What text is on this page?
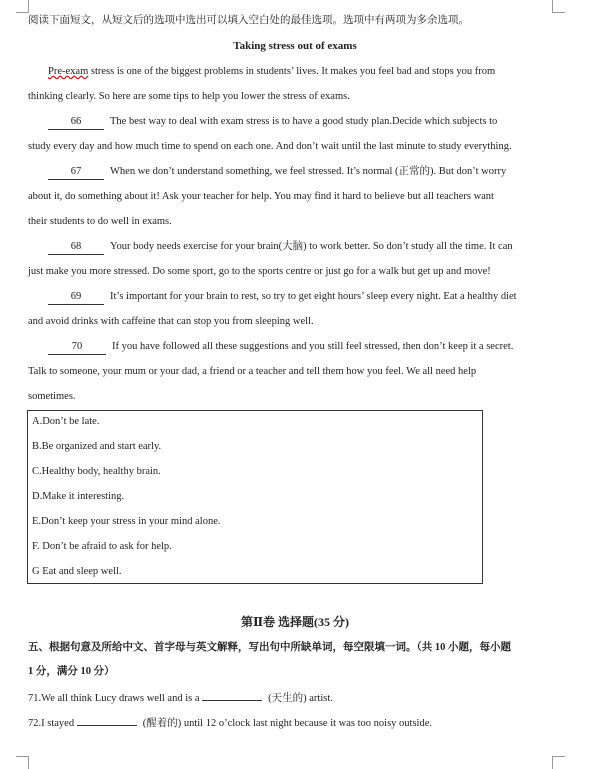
阅读下面短文，从短文后的选项中选出可以填入空白处的最佳选项。选项中有两项为多余选项。
Taking stress out of exams
Pre-exam stress is one of the biggest problems in students’ lives. It makes you feel bad and stops you from
thinking clearly. So here are some tips to help you lower the stress of exams.
66	The best way to deal with exam stress is to have a good study plan.Decide which subjects to
study every day and how much time to spend on each one. And don’t wait until the last minute to study everything.
67	When we don’t understand something, we feel stressed. It’s normal (正常的). But don’t worry
about it, do something about it! Ask your teacher for help. You may find it hard to believe but all teachers want
their students to do well in exams.
68	Your body needs exercise for your brain(大脑) to work better. So don’t study all the time. It can
just make you more stressed. Do some sport, go to the sports centre or just go for a walk but get up and move!
69	It’s important for your brain to rest, so try to get eight hours’ sleep every night. Eat a healthy diet
and avoid drinks with caffeine that can stop you from sleeping well.
70	If you have followed all these suggestions and you still feel stressed, then don’t keep it a secret.
Talk to someone, your mum or your dad, a friend or a teacher and tell them how you feel. We all need help
sometimes.
A.Don’t be late.
B.Be organized and start early.
C.Healthy body, healthy brain.
D.Make it interesting.
E.Don’t keep your stress in your mind alone.
F. Don’t be afraid to ask for help.
G Eat and sleep well.
第Ⅱ卷 选择题(35 分)
五、根据句意及所给中文、首字母与英文解释，写出句中所缺单词，每空限填一词。（共 10 小题，每小题
1 分，满分 10 分）
71.We all think Lucy draws well and is a	(天生的) artist.
72.I stayed	(醒着的) until 12 o’clock last night because it was too noisy outside.
